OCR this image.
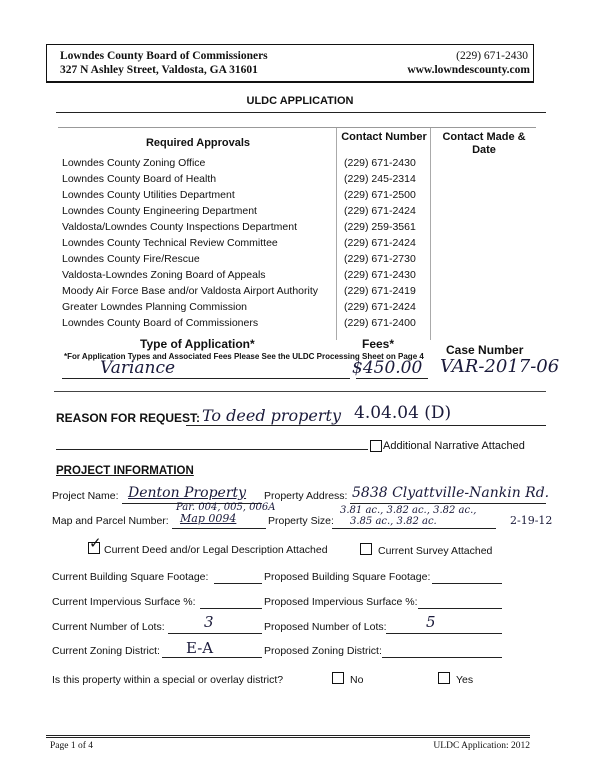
Lowndes County Board of Commissioners
327 N Ashley Street, Valdosta, GA 31601
(229) 671-2430
www.lowndescounty.com
ULDC APPLICATION
Required Approvals	Contact Number	Contact Made & Date
Lowndes County Zoning Office	(229) 671-2430
Lowndes County Board of Health	(229) 245-2314
Lowndes County Utilities Department	(229) 671-2500
Lowndes County Engineering Department	(229) 671-2424
Valdosta/Lowndes County Inspections Department	(229) 259-3561
Lowndes County Technical Review Committee	(229) 671-2424
Lowndes County Fire/Rescue	(229) 671-2730
Valdosta-Lowndes Zoning Board of Appeals	(229) 671-2430
Moody Air Force Base and/or Valdosta Airport Authority (229) 671-2419
Greater Lowndes Planning Commission	(229) 671-2424
Lowndes County Board of Commissioners	(229) 671-2400
Type of Application*	Fees*	Case Number
*For Application Types and Associated Fees Please See the ULDC Processing Sheet on Page 4
Variance	$450.00 VAR-2017-06
REASON FOR REQUEST: To deed property 4.04.04 (D)
Additional Narrative Attached
PROJECT INFORMATION
Project Name: Denton Property Property Address: 5838 Clyattville-Nankin Rd.
Par. 004, 005, 006A	3.81 ac., 3.82 ac., 3.82 ac.,
Map and Parcel Number: Map 0094	Property Size: 3.85 ac., 3.82 ac.	2-19-12
✓ Current Deed and/or Legal Description Attached	Current Survey Attached
Current Building Square Footage:	Proposed Building Square Footage:
Current Impervious Surface %:	Proposed Impervious Surface %:
Current Number of Lots:	3	Proposed Number of Lots:	5
Current Zoning District: E-A	Proposed Zoning District:
Is this property within a special or overlay district?	No	Yes
Page 1 of 4	ULDC Application: 2012
